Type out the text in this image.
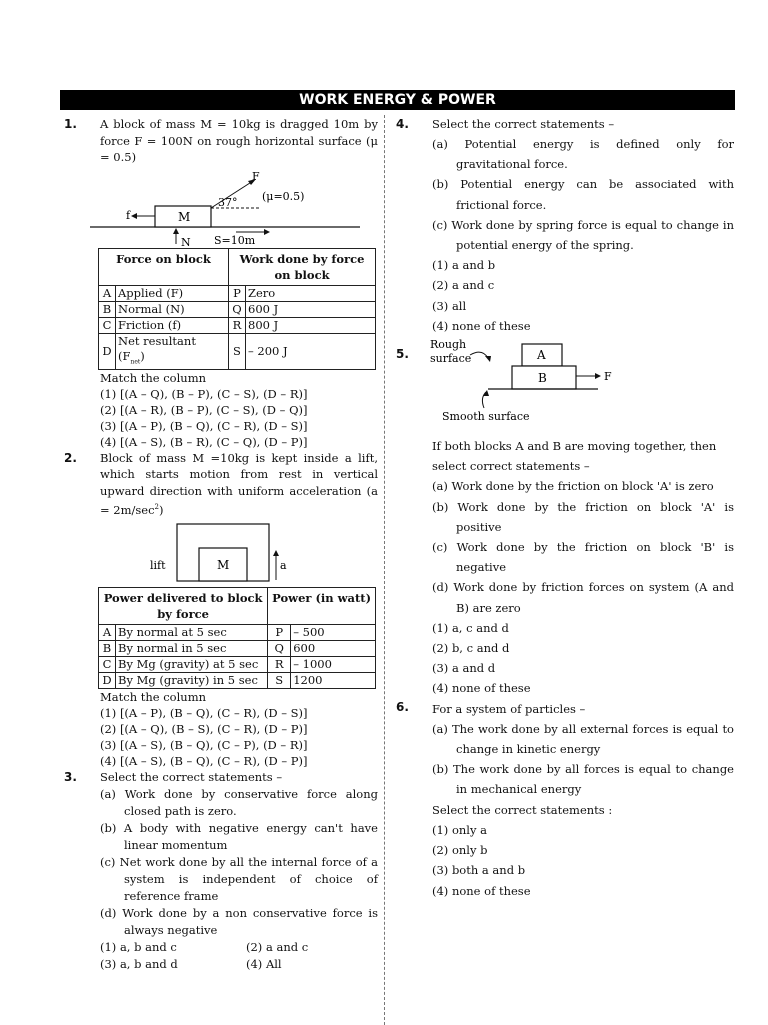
WORK ENERGY & POWER
1. A block of mass M = 10kg is dragged 10m by force F = 100N on rough horizontal surface (μ = 0.5)
M
F
37° (μ=0.5)
f
N S=10m
Force on block		Work done by force on block	
A	Applied (F)	P	Zero
B	Normal (N)	Q	600 J
C	Friction (f)	R	800 J
D	Net resultant $(F_{net})$	S	– 200 J
Match the column
(1) [(A – Q), (B – P), (C – S), (D – R)]
(2) [(A – R), (B – P), (C – S), (D – Q)]
(3) [(A – P), (B – Q), (C – R), (D – S)]
(4) [(A – S), (B – R), (C – Q), (D – P)]
2. Block of mass M =10kg is kept inside a lift, which starts motion from rest in vertical upward direction with uniform acceleration $(a = 2m/\sec^2)$
M
lift	a
Power delivered to block by force		Power (in watt)	
A	By normal at 5 sec	P	– 500
B	By normal in 5 sec	Q	600
C	By Mg (gravity) at 5 sec	R	– 1000
D	By Mg (gravity) in 5 sec	S	1200
Match the column
(1) [(A – P), (B – Q), (C – R), (D – S)]
(2) [(A – Q), (B – S), (C – R), (D – P)]
(3) [(A – S), (B – Q), (C – P), (D – R)]
(4) [(A – S), (B – Q), (C – R), (D – P)]
3. Select the correct statements –
(a) Work done by conservative force along closed path is zero.
(b) A body with negative energy can't have linear momentum
(c) Net work done by all the internal force of a system is independent of choice of reference frame
(d) Work done by a non conservative force is always negative
(1) a, b and c	(2) a and c
(3) a, b and d	(4) All
4. Select the correct statements –

(a) Potential energy is defined only for gravitational force.

(b) Potential energy can be associated with frictional force.

(c) Work done by spring force is equal to change in potential energy of the spring.

(1) a and b
(2) a and c
(3) all
(4) none of these
5.
Rough
surface	A
B	F
Smooth surface
If both blocks A and B are moving together, then select correct statements –

(a) Work done by the friction on block 'A' is zero

(b) Work done by the friction on block 'A' is positive

(c) Work done by the friction on block 'B' is negative

(d) Work done by friction forces on system (A and B) are zero

(1) a, c and d
(2) b, c and d
(3) a and d
(4) none of these
6. For a system of particles –

(a) The work done by all external forces is equal to change in kinetic energy

(b) The work done by all forces is equal to change in mechanical energy

Select the correct statements :
(1) only a
(2) only b
(3) both a and b
(4) none of these
